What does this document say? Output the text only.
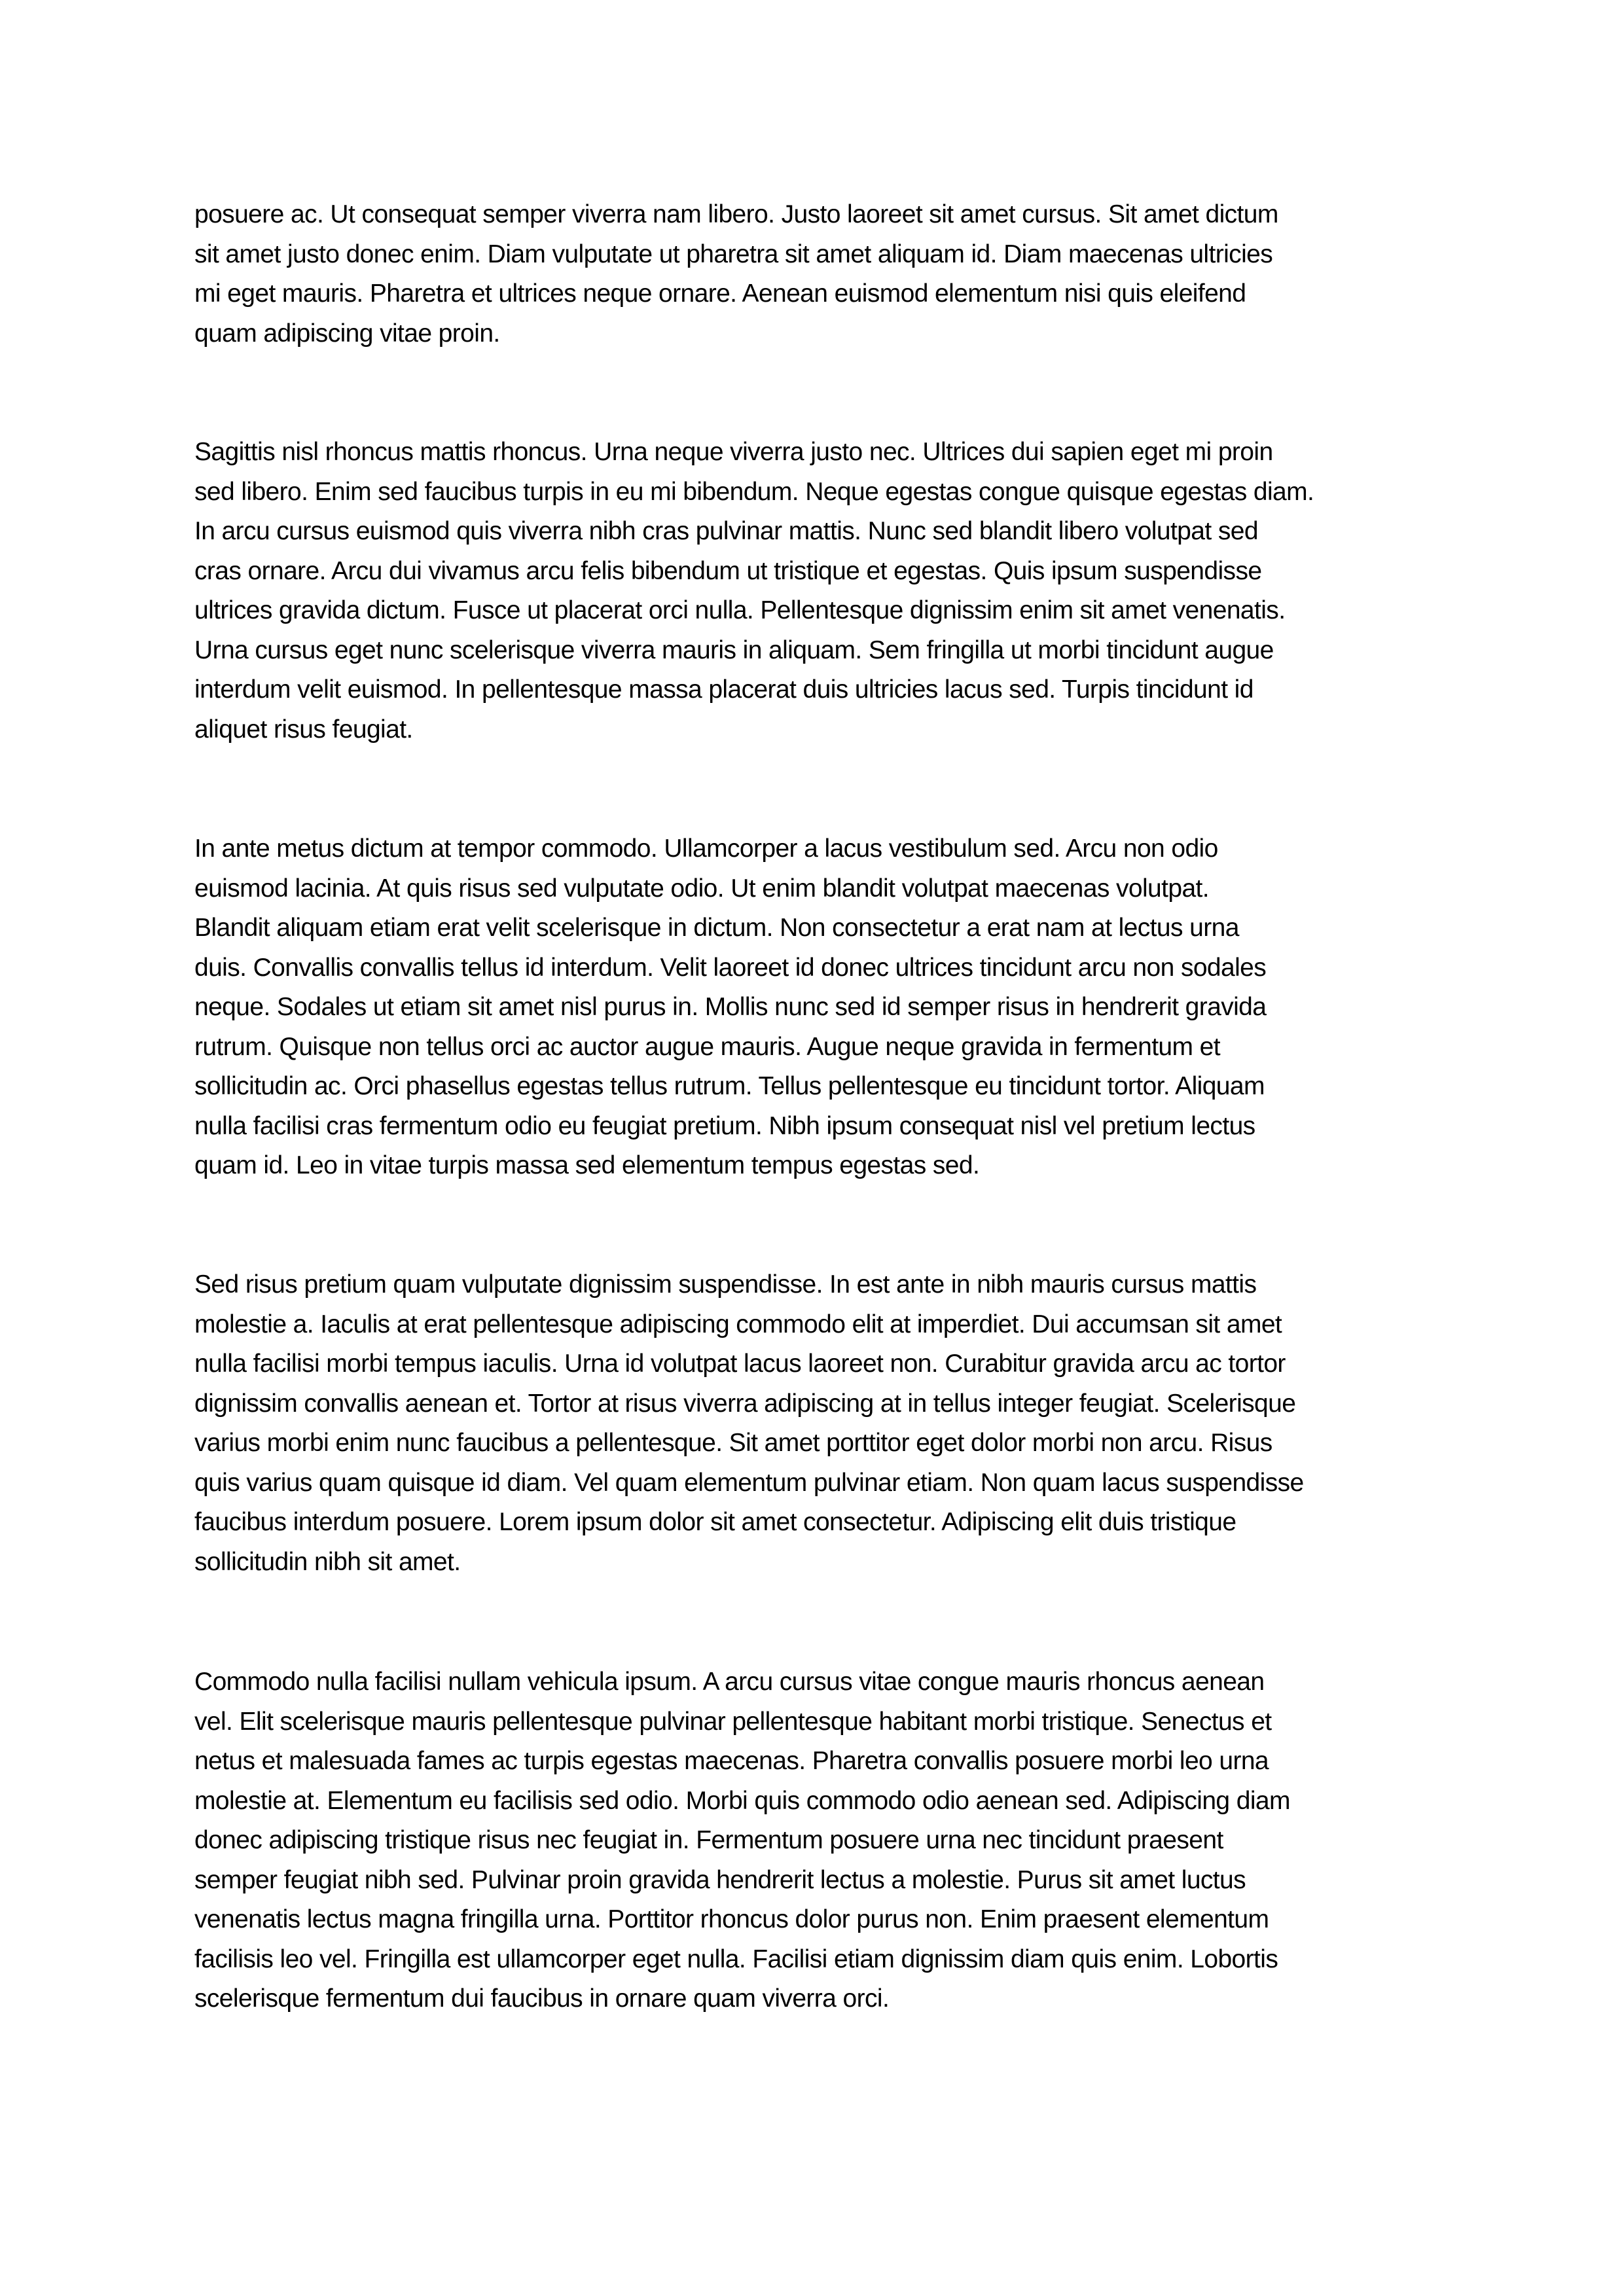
posuere ac. Ut consequat semper viverra nam libero. Justo laoreet sit amet cursus. Sit amet dictum
sit amet justo donec enim. Diam vulputate ut pharetra sit amet aliquam id. Diam maecenas ultricies
mi eget mauris. Pharetra et ultrices neque ornare. Aenean euismod elementum nisi quis eleifend
quam adipiscing vitae proin.
Sagittis nisl rhoncus mattis rhoncus. Urna neque viverra justo nec. Ultrices dui sapien eget mi proin
sed libero. Enim sed faucibus turpis in eu mi bibendum. Neque egestas congue quisque egestas diam.
In arcu cursus euismod quis viverra nibh cras pulvinar mattis. Nunc sed blandit libero volutpat sed
cras ornare. Arcu dui vivamus arcu felis bibendum ut tristique et egestas. Quis ipsum suspendisse
ultrices gravida dictum. Fusce ut placerat orci nulla. Pellentesque dignissim enim sit amet venenatis.
Urna cursus eget nunc scelerisque viverra mauris in aliquam. Sem fringilla ut morbi tincidunt augue
interdum velit euismod. In pellentesque massa placerat duis ultricies lacus sed. Turpis tincidunt id
aliquet risus feugiat.
In ante metus dictum at tempor commodo. Ullamcorper a lacus vestibulum sed. Arcu non odio
euismod lacinia. At quis risus sed vulputate odio. Ut enim blandit volutpat maecenas volutpat.
Blandit aliquam etiam erat velit scelerisque in dictum. Non consectetur a erat nam at lectus urna
duis. Convallis convallis tellus id interdum. Velit laoreet id donec ultrices tincidunt arcu non sodales
neque. Sodales ut etiam sit amet nisl purus in. Mollis nunc sed id semper risus in hendrerit gravida
rutrum. Quisque non tellus orci ac auctor augue mauris. Augue neque gravida in fermentum et
sollicitudin ac. Orci phasellus egestas tellus rutrum. Tellus pellentesque eu tincidunt tortor. Aliquam
nulla facilisi cras fermentum odio eu feugiat pretium. Nibh ipsum consequat nisl vel pretium lectus
quam id. Leo in vitae turpis massa sed elementum tempus egestas sed.
Sed risus pretium quam vulputate dignissim suspendisse. In est ante in nibh mauris cursus mattis
molestie a. Iaculis at erat pellentesque adipiscing commodo elit at imperdiet. Dui accumsan sit amet
nulla facilisi morbi tempus iaculis. Urna id volutpat lacus laoreet non. Curabitur gravida arcu ac tortor
dignissim convallis aenean et. Tortor at risus viverra adipiscing at in tellus integer feugiat. Scelerisque
varius morbi enim nunc faucibus a pellentesque. Sit amet porttitor eget dolor morbi non arcu. Risus
quis varius quam quisque id diam. Vel quam elementum pulvinar etiam. Non quam lacus suspendisse
faucibus interdum posuere. Lorem ipsum dolor sit amet consectetur. Adipiscing elit duis tristique
sollicitudin nibh sit amet.
Commodo nulla facilisi nullam vehicula ipsum. A arcu cursus vitae congue mauris rhoncus aenean
vel. Elit scelerisque mauris pellentesque pulvinar pellentesque habitant morbi tristique. Senectus et
netus et malesuada fames ac turpis egestas maecenas. Pharetra convallis posuere morbi leo urna
molestie at. Elementum eu facilisis sed odio. Morbi quis commodo odio aenean sed. Adipiscing diam
donec adipiscing tristique risus nec feugiat in. Fermentum posuere urna nec tincidunt praesent
semper feugiat nibh sed. Pulvinar proin gravida hendrerit lectus a molestie. Purus sit amet luctus
venenatis lectus magna fringilla urna. Porttitor rhoncus dolor purus non. Enim praesent elementum
facilisis leo vel. Fringilla est ullamcorper eget nulla. Facilisi etiam dignissim diam quis enim. Lobortis
scelerisque fermentum dui faucibus in ornare quam viverra orci.
